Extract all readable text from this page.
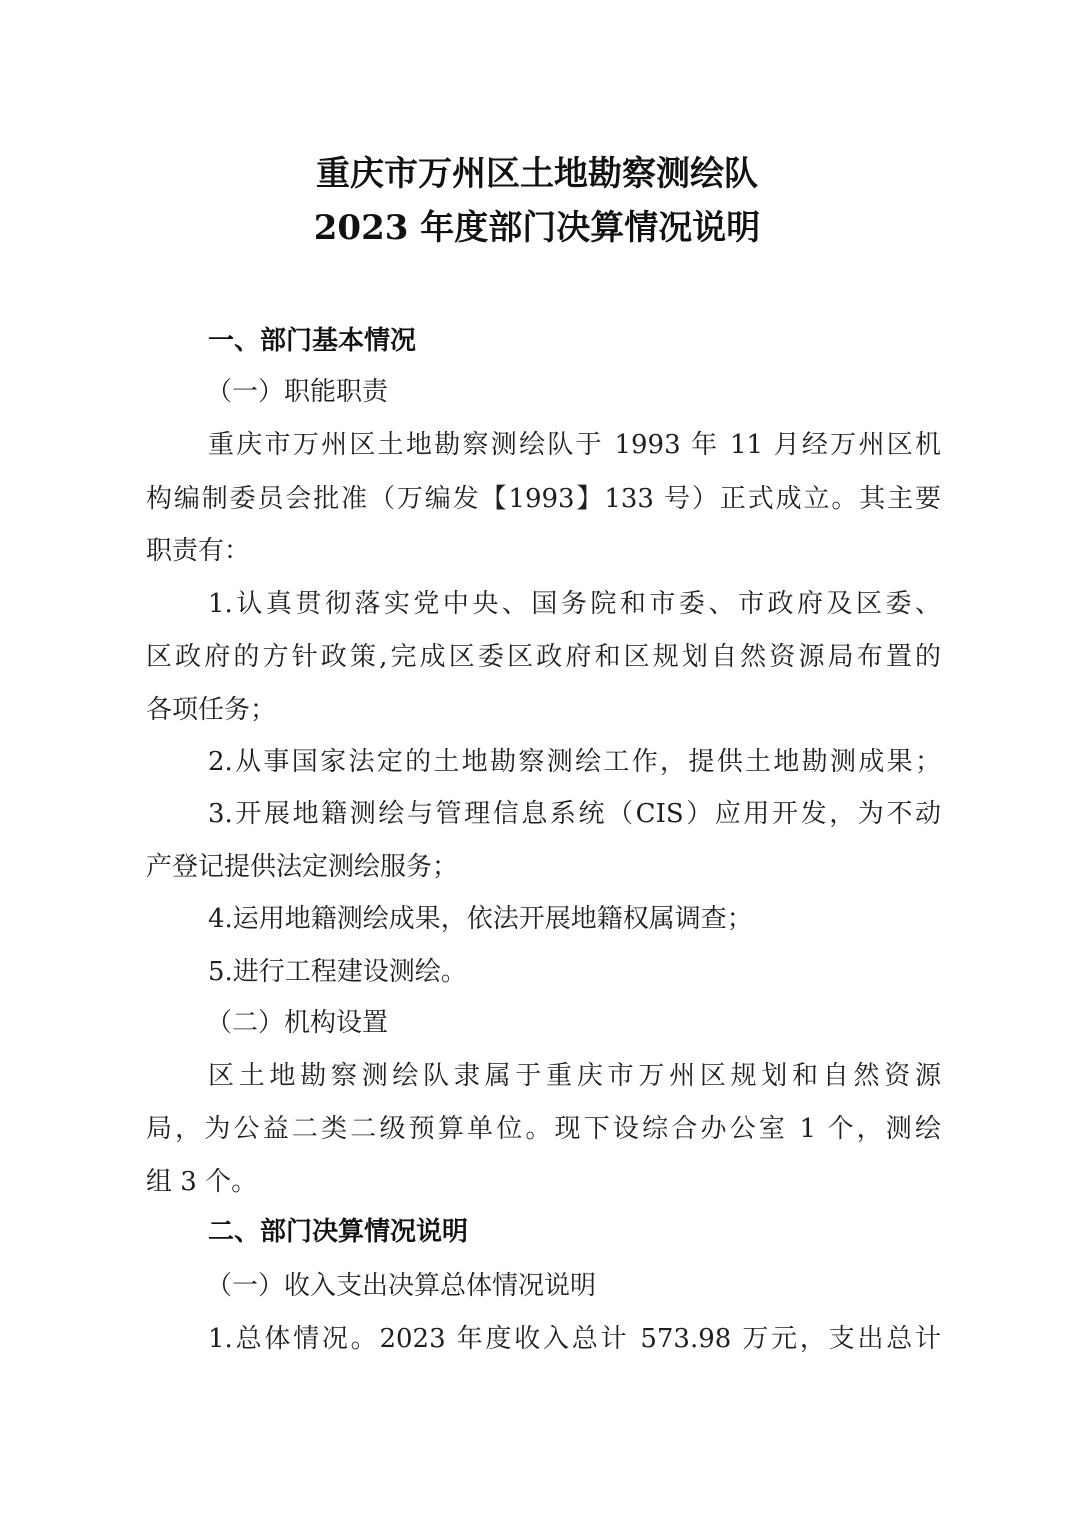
重庆市万州区土地勘察测绘队
2023 年度部门决算情况说明
一、部门基本情况
（一）职能职责
重庆市万州区土地勘察测绘队于 1993 年 11 月经万州区机
构编制委员会批准（万编发【1993】133 号）正式成立。其主要
职责有：
1.认真贯彻落实党中央、国务院和市委、市政府及区委、
区政府的方针政策,完成区委区政府和区规划自然资源局布置的
各项任务；
2.从事国家法定的土地勘察测绘工作，提供土地勘测成果；
3.开展地籍测绘与管理信息系统（CIS）应用开发，为不动
产登记提供法定测绘服务；
4.运用地籍测绘成果，依法开展地籍权属调查；
5.进行工程建设测绘。
（二）机构设置
区土地勘察测绘队隶属于重庆市万州区规划和自然资源
局，为公益二类二级预算单位。现下设综合办公室 1 个，测绘
组 3 个。
二、部门决算情况说明
（一）收入支出决算总体情况说明
1.总体情况。2023 年度收入总计 573.98 万元，支出总计
